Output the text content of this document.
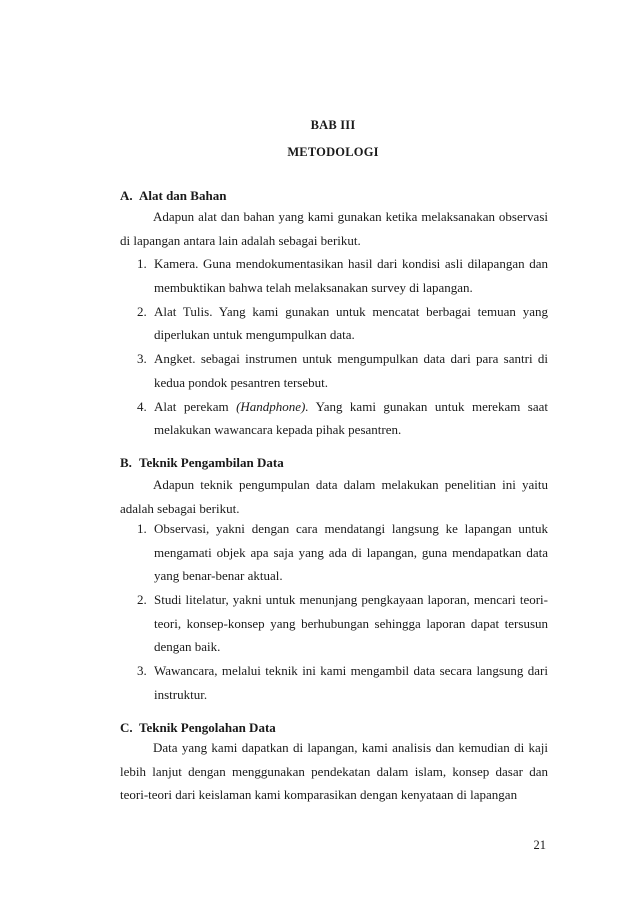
BAB III
METODOLOGI
A. Alat dan Bahan
Adapun alat dan bahan yang kami gunakan ketika melaksanakan observasi di lapangan antara lain adalah sebagai berikut.
1. Kamera. Guna mendokumentasikan hasil dari kondisi asli dilapangan dan membuktikan bahwa telah melaksanakan survey di lapangan.
2. Alat Tulis. Yang kami gunakan untuk mencatat berbagai temuan yang diperlukan untuk mengumpulkan data.
3. Angket. sebagai instrumen untuk mengumpulkan data dari para santri di kedua pondok pesantren tersebut.
4. Alat perekam (Handphone). Yang kami gunakan untuk merekam saat melakukan wawancara kepada pihak pesantren.
B. Teknik Pengambilan Data
Adapun teknik pengumpulan data dalam melakukan penelitian ini yaitu adalah sebagai berikut.
1. Observasi, yakni dengan cara mendatangi langsung ke lapangan untuk mengamati objek apa saja yang ada di lapangan, guna mendapatkan data yang benar-benar aktual.
2. Studi litelatur, yakni untuk menunjang pengkayaan laporan, mencari teori-teori, konsep-konsep yang berhubungan sehingga laporan dapat tersusun dengan baik.
3. Wawancara, melalui teknik ini kami mengambil data secara langsung dari instruktur.
C. Teknik Pengolahan Data
Data yang kami dapatkan di lapangan, kami analisis dan kemudian di kaji lebih lanjut dengan menggunakan pendekatan dalam islam, konsep dasar dan teori-teori dari keislaman kami komparasikan dengan kenyataan di lapangan
21
